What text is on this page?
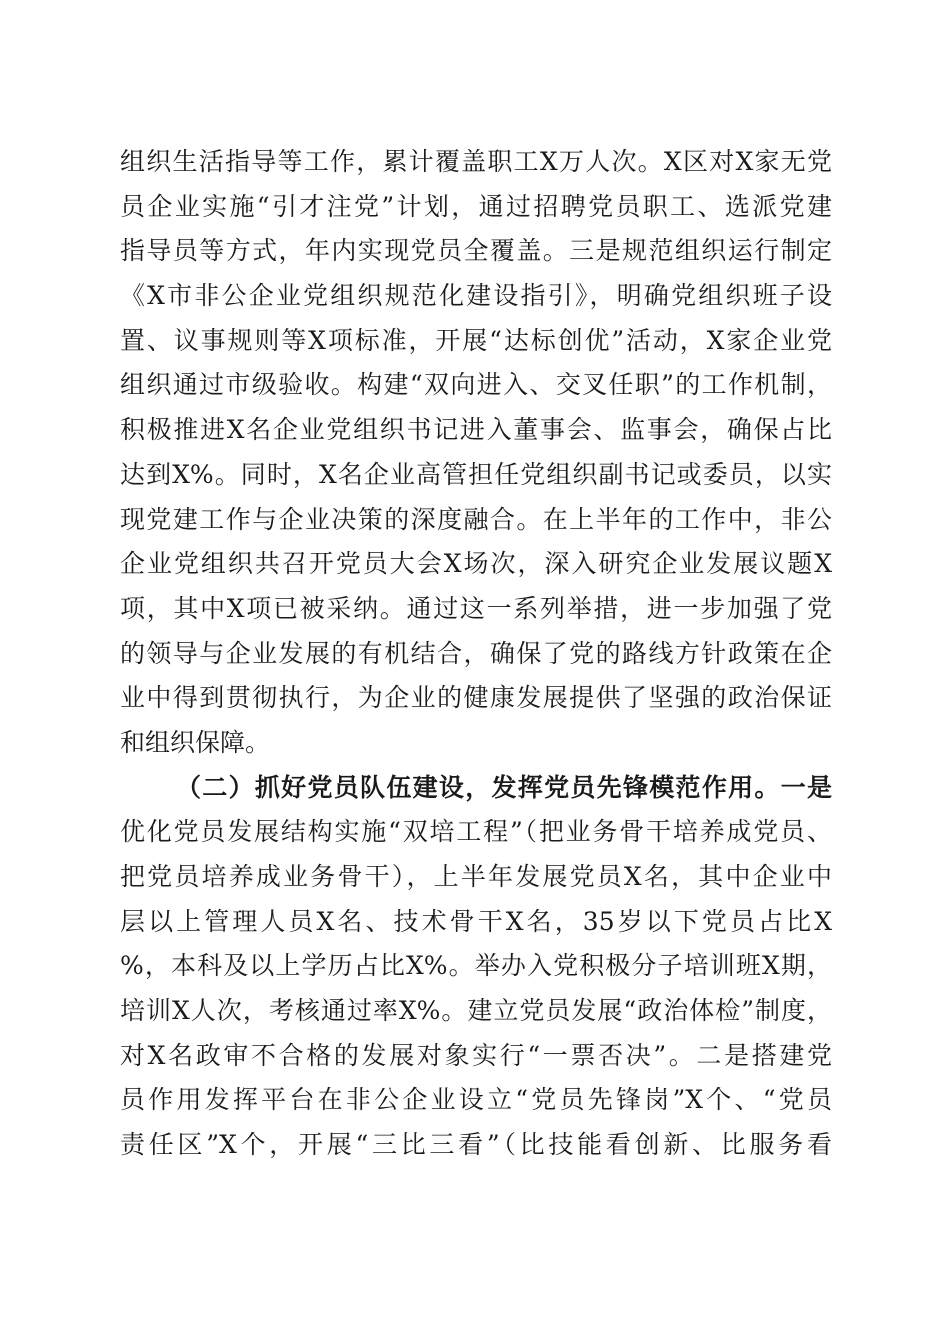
组织生活指导等工作，累计覆盖职工X万人次。X区对X家无党
员企业实施“引才注党”计划，通过招聘党员职工、选派党建
指导员等方式，年内实现党员全覆盖。三是规范组织运行制定
《X市非公企业党组织规范化建设指引》，明确党组织班子设
置、议事规则等X项标准，开展“达标创优”活动，X家企业党
组织通过市级验收。构建“双向进入、交叉任职”的工作机制，
积极推进X名企业党组织书记进入董事会、监事会，确保占比
达到X%。同时，X名企业高管担任党组织副书记或委员，以实
现党建工作与企业决策的深度融合。在上半年的工作中，非公
企业党组织共召开党员大会X场次，深入研究企业发展议题X
项，其中X项已被采纳。通过这一系列举措，进一步加强了党
的领导与企业发展的有机结合，确保了党的路线方针政策在企
业中得到贯彻执行，为企业的健康发展提供了坚强的政治保证
和组织保障。
（二）抓好党员队伍建设，发挥党员先锋模范作用。一是
优化党员发展结构实施“双培工程”（把业务骨干培养成党员、
把党员培养成业务骨干），上半年发展党员X名，其中企业中
层以上管理人员X名、技术骨干X名，35岁以下党员占比X
%，本科及以上学历占比X%。举办入党积极分子培训班X期，
培训X人次，考核通过率X%。建立党员发展“政治体检”制度，
对X名政审不合格的发展对象实行“一票否决”。二是搭建党
员作用发挥平台在非公企业设立“党员先锋岗”X个、“党员
责任区”X个，开展“三比三看”（比技能看创新、比服务看
